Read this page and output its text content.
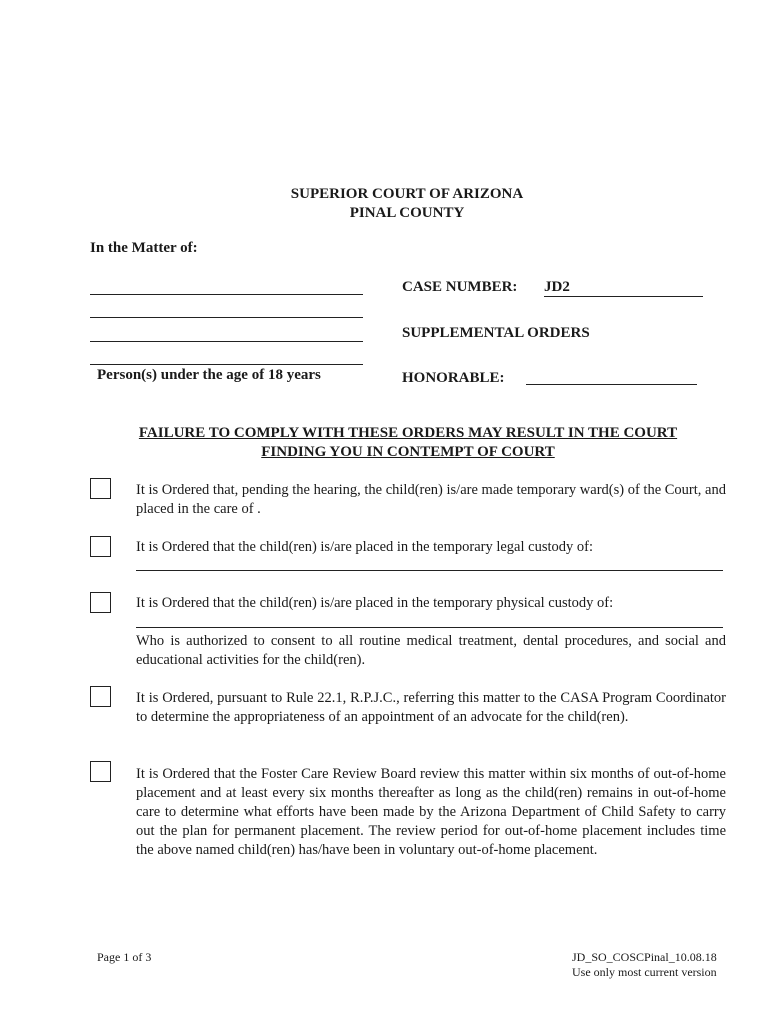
SUPERIOR COURT OF ARIZONA
PINAL COUNTY
In the Matter of:
Person(s) under the age of 18 years
CASE NUMBER: JD2
SUPPLEMENTAL ORDERS
HONORABLE:
FAILURE TO COMPLY WITH THESE ORDERS MAY RESULT IN THE COURT
FINDING YOU IN CONTEMPT OF COURT
It is Ordered that, pending the hearing, the child(ren) is/are made temporary ward(s) of the Court, and placed in the care of .
It is Ordered that the child(ren) is/are placed in the temporary legal custody of:
It is Ordered that the child(ren) is/are placed in the temporary physical custody of:
Who is authorized to consent to all routine medical treatment, dental procedures, and social and educational activities for the child(ren).
It is Ordered, pursuant to Rule 22.1, R.P.J.C., referring this matter to the CASA Program Coordinator to determine the appropriateness of an appointment of an advocate for the child(ren).
It is Ordered that the Foster Care Review Board review this matter within six months of out-of-home placement and at least every six months thereafter as long as the child(ren) remains in out-of-home care to determine what efforts have been made by the Arizona Department of Child Safety to carry out the plan for permanent placement. The review period for out-of-home placement includes time the above named child(ren) has/have been in voluntary out-of-home placement.
Page 1 of 3	JD_SO_COSCPinal_10.08.18
Use only most current version
